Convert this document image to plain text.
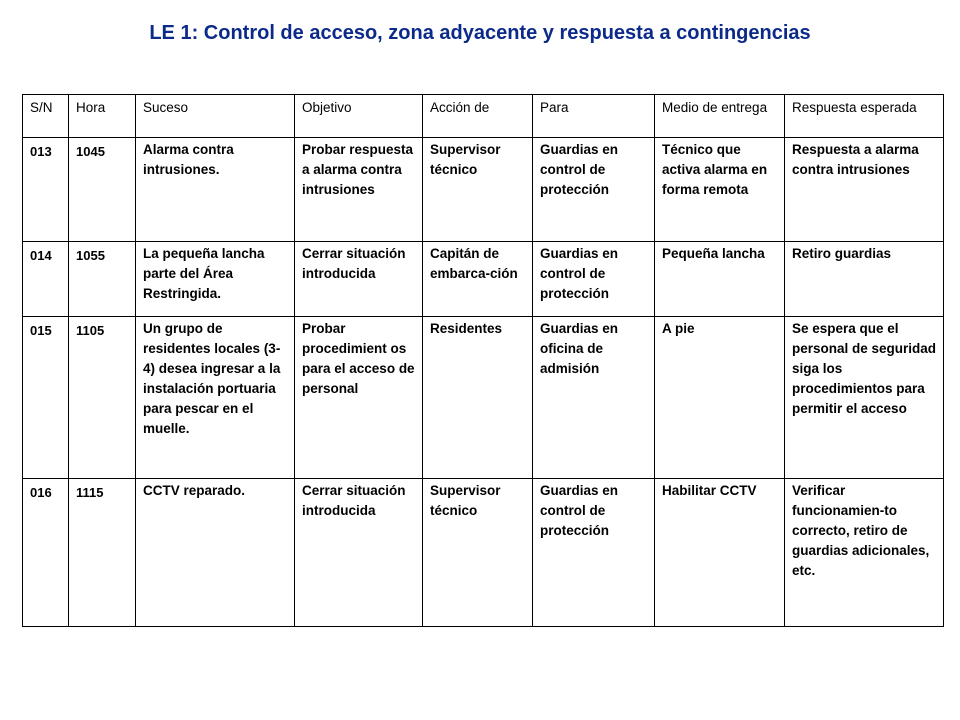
LE 1: Control de acceso, zona adyacente y respuesta a contingencias
S/N	Hora	Suceso	Objetivo	Acción de	Para	Medio de entrega	Respuesta esperada
013	1045	Alarma contra intrusiones.	Probar respuesta a alarma contra intrusiones	Supervisor técnico	Guardias en control de protección	Técnico que activa alarma en forma remota	Respuesta a alarma contra intrusiones
014	1055	La pequeña lancha parte del Área Restringida.	Cerrar situación introducida	Capitán de embarca-ción	Guardias en control de protección	Pequeña lancha	Retiro guardias
015	1105	Un grupo de residentes locales (3-4) desea ingresar a la instalación portuaria para pescar en el muelle.	Probar procedimient os para el acceso de personal	Residentes	Guardias en oficina de admisión	A pie	Se espera que el personal de seguridad siga los procedimientos para permitir el acceso
016	1115	CCTV reparado.	Cerrar situación introducida	Supervisor técnico	Guardias en control de protección	Habilitar CCTV	Verificar funcionamien-to correcto, retiro de guardias adicionales, etc.
